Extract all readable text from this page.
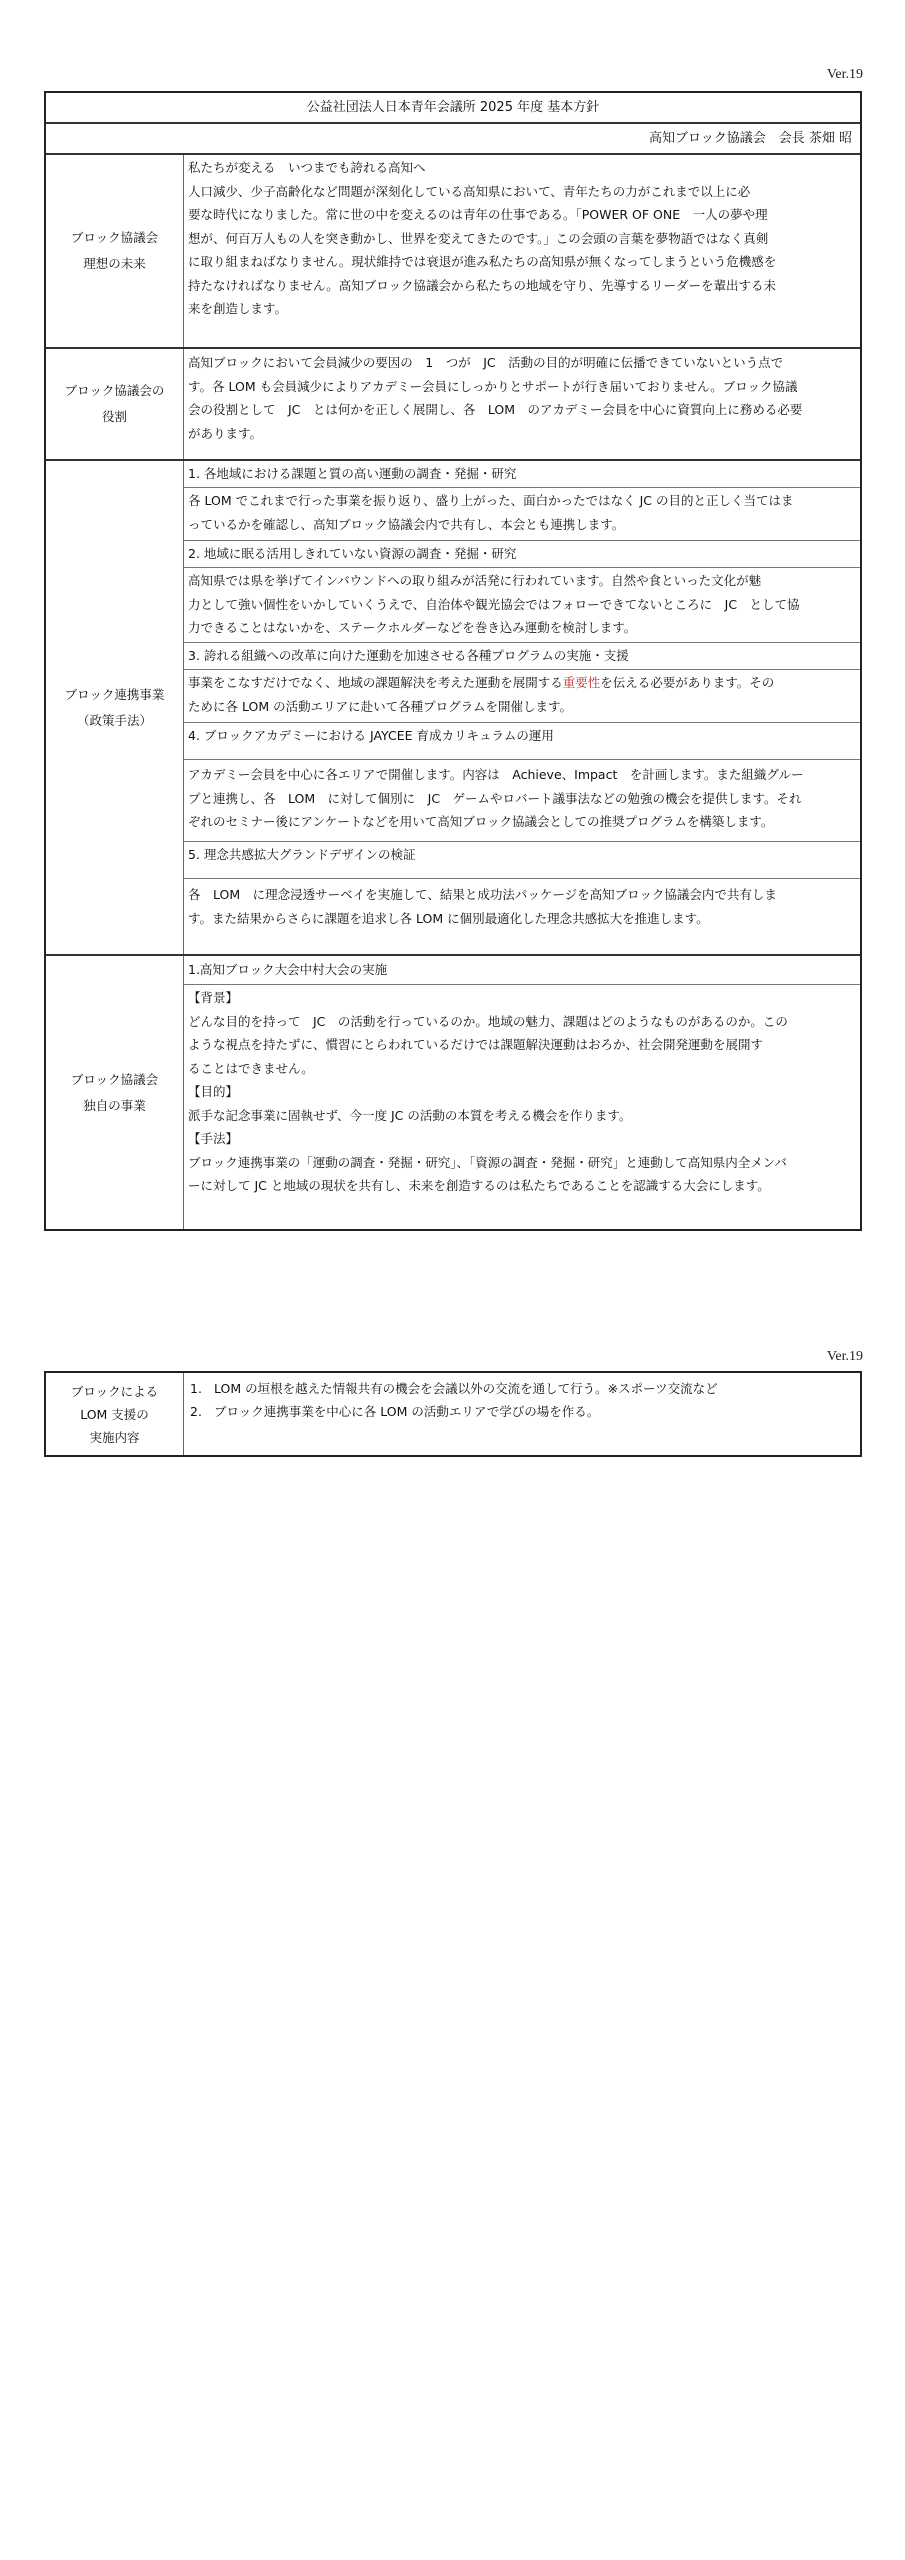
Ver.19
公益社団法人日本青年会議所 2025 年度 基本方針
高知ブロック協議会　会長 茶畑 昭
ブロック協議会
理想の未来

私たちが変える　いつまでも誇れる高知へ

人口減少、少子高齢化など問題が深刻化している高知県において、青年たちの力がこれまで以上に必

要な時代になりました。常に世の中を変えるのは青年の仕事である。「POWER OF ONE　一人の夢や理

想が、何百万人もの人を突き動かし、世界を変えてきたのです。」この会頭の言葉を夢物語ではなく真剣

に取り組まねばなりません。現状維持では衰退が進み私たちの高知県が無くなってしまうという危機感を

持たなければなりません。高知ブロック協議会から私たちの地域を守り、先導するリーダーを輩出する未

来を創造します。

ブロック協議会の
役割

高知ブロックにおいて会員減少の要因の　1　つが　JC　活動の目的が明確に伝播できていないという点で

す。各 LOM も会員減少によりアカデミー会員にしっかりとサポートが行き届いておりません。ブロック協議

会の役割として　JC　とは何かを正しく展開し、各　LOM　のアカデミー会員を中心に資質向上に務める必要

があります。

ブロック連携事業
（政策手法）
1. 各地域における課題と質の高い運動の調査・発掘・研究
各 LOM でこれまで行った事業を振り返り、盛り上がった、面白かったではなく JC の目的と正しく当てはま
っているかを確認し、高知ブロック協議会内で共有し、本会とも連携します。
2. 地域に眠る活用しきれていない資源の調査・発掘・研究
高知県では県を挙げてインバウンドへの取り組みが活発に行われています。自然や食といった文化が魅
力として強い個性をいかしていくうえで、自治体や観光協会ではフォローできてないところに　JC　として協
力できることはないかを、ステークホルダーなどを巻き込み運動を検討します。
3. 誇れる組織への改革に向けた運動を加速させる各種プログラムの実施・支援
事業をこなすだけでなく、地域の課題解決を考えた運動を展開する重要性を伝える必要があります。その
ために各 LOM の活動エリアに赴いて各種プログラムを開催します。
4. ブロックアカデミーにおける JAYCEE 育成カリキュラムの運用
アカデミー会員を中心に各エリアで開催します。内容は　Achieve、Impact　を計画します。また組織グルー
プと連携し、各　LOM　に対して個別に　JC　ゲームやロバート議事法などの勉強の機会を提供します。それ
ぞれのセミナー後にアンケートなどを用いて高知ブロック協議会としての推奨プログラムを構築します。
5. 理念共感拡大グランドデザインの検証
各　LOM　に理念浸透サーベイを実施して、結果と成功法パッケージを高知ブロック協議会内で共有しま
す。また結果からさらに課題を追求し各 LOM に個別最適化した理念共感拡大を推進します。
ブロック協議会
独自の事業
1.高知ブロック大会中村大会の実施
【背景】
どんな目的を持って　JC　の活動を行っているのか。地域の魅力、課題はどのようなものがあるのか。この
ような視点を持たずに、慣習にとらわれているだけでは課題解決運動はおろか、社会開発運動を展開す
ることはできません。
【目的】
派手な記念事業に固執せず、今一度 JC の活動の本質を考える機会を作ります。
【手法】
ブロック連携事業の「運動の調査・発掘・研究」、「資源の調査・発掘・研究」と連動して高知県内全メンバ
ーに対して JC と地域の現状を共有し、未来を創造するのは私たちであることを認識する大会にします。
Ver.19
ブロックによる
LOM 支援の
実施内容

1. LOM の垣根を越えた情報共有の機会を会議以外の交流を通して行う。※スポーツ交流など

2. ブロック連携事業を中心に各 LOM の活動エリアで学びの場を作る。
